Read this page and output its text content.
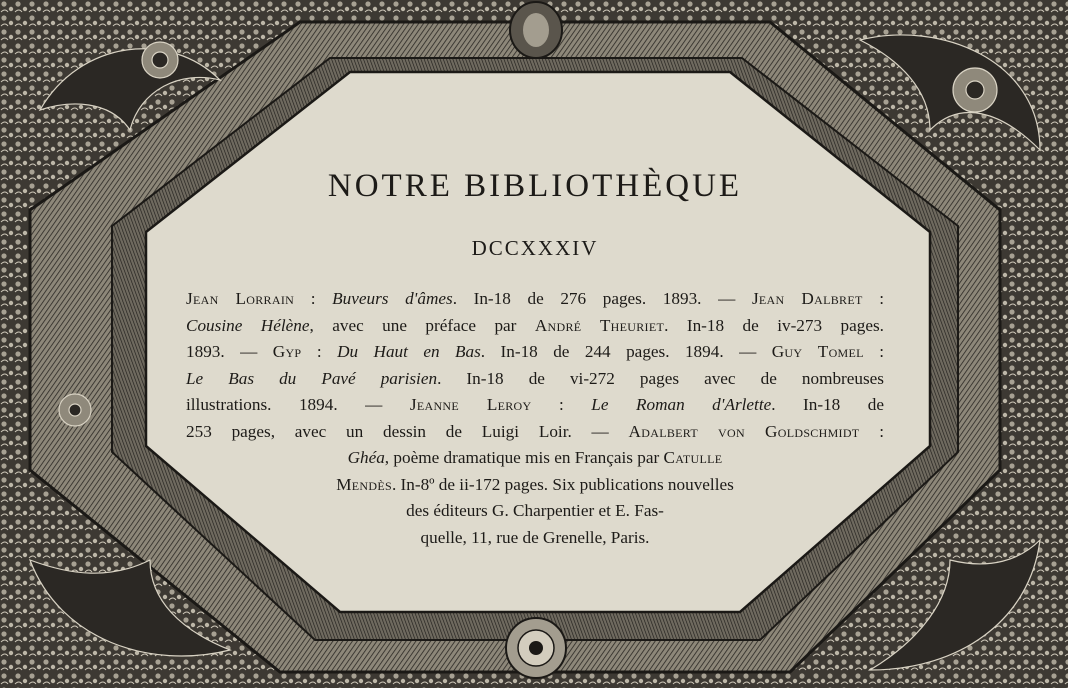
NOTRE BIBLIOTHÈQUE
DCCXXXIV
Jean Lorrain : Buveurs d'âmes. In-18 de 276 pages. 1893. — Jean Dalbret :
Cousine Hélène, avec une préface par André Theuriet. In-18 de iv-273 pages.
1893. — Gyp : Du Haut en Bas. In-18 de 244 pages. 1894. — Guy Tomel :
Le Bas du Pavé parisien. In-18 de vi-272 pages avec de nombreuses
illustrations. 1894. — Jeanne Leroy : Le Roman d'Arlette. In-18 de
253 pages, avec un dessin de Luigi Loir. — Adalbert von Goldschmidt :
Ghéa, poème dramatique mis en Français par Catulle
Mendès. In-8º de ii-172 pages. Six publications nouvelles
des éditeurs G. Charpentier et E. Fas-
quelle, 11, rue de Grenelle, Paris.
